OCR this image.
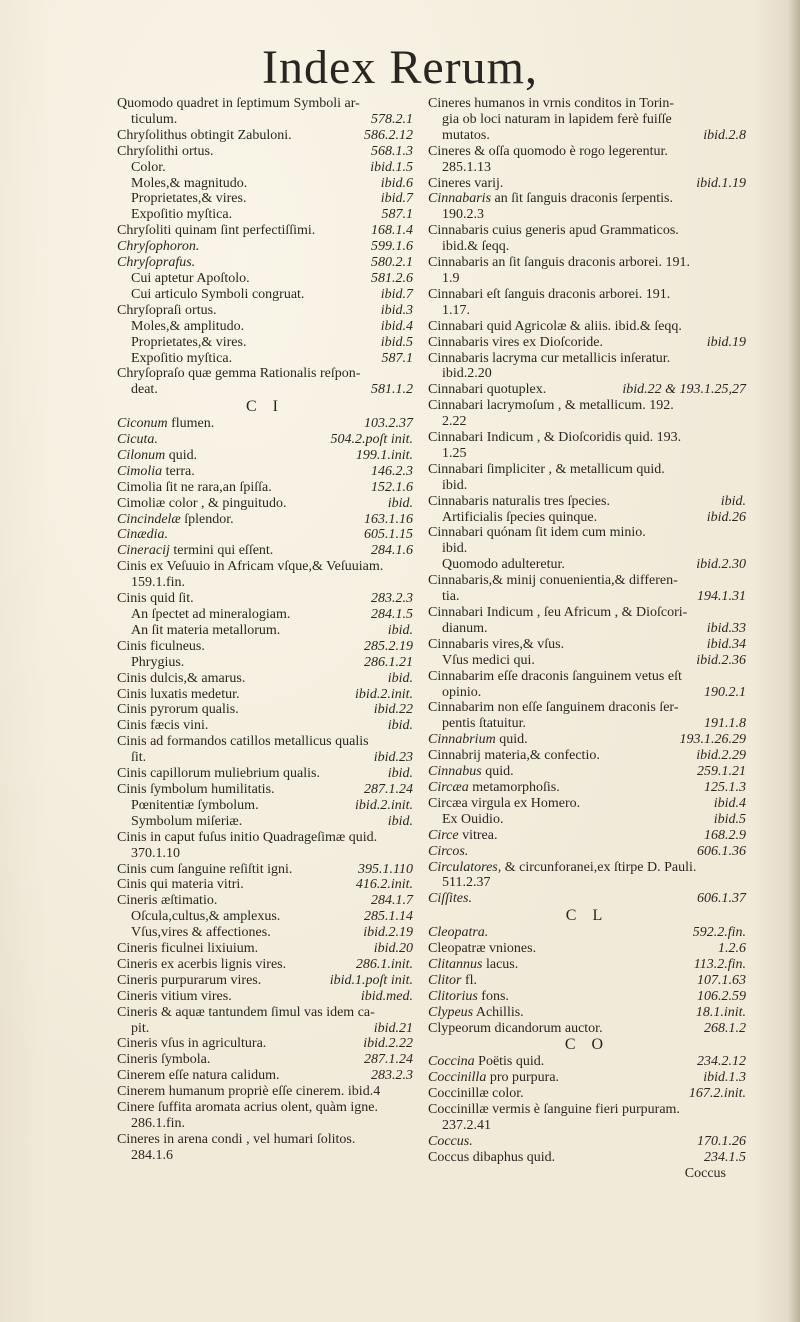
Index Rerum,
Quomodo quadret in ſeptimum Symboli ar-
578.2.1
ticulum.
586.2.12
Chryſolithus obtingit Zabuloni.
568.1.3
Chryſolithi ortus.
ibid.1.5
Color.
ibid.6
Moles,& magnitudo.
ibid.7
Proprietates,& vires.
587.1
Expoſitio myſtica.
168.1.4
Chryſoliti quinam ſint perfectiſſimi.
599.1.6
Chryſophoron.
580.2.1
Chryſoprafus.
581.2.6
Cui aptetur Apoſtolo.
ibid.7
Cui articulo Symboli congruat.
ibid.3
Chryſopraſi ortus.
ibid.4
Moles,& amplitudo.
ibid.5
Proprietates,& vires.
587.1
Expoſitio myſtica.
Chryſopraſo quæ gemma Rationalis reſpon-
581.1.2
deat.
C I
103.2.37
Ciconum flumen.
504.2.poſt init.
Cicuta.
199.1.init.
Cilonum quid.
146.2.3
Cimolia terra.
152.1.6
Cimolia ſit ne rara,an ſpiſſa.
ibid.
Cimoliæ color , & pinguitudo.
163.1.16
Cincindelæ ſplendor.
605.1.15
Cinædia.
284.1.6
Cineracij termini qui eſſent.
Cinis ex Veſuuio in Africam vſque,& Veſuuiam.
159.1.fin.
283.2.3
Cinis quid ſit.
284.1.5
An ſpectet ad mineralogiam.
ibid.
An ſit materia metallorum.
285.2.19
Cinis ficulneus.
286.1.21
Phrygius.
ibid.
Cinis dulcis,& amarus.
ibid.2.init.
Cinis luxatis medetur.
ibid.22
Cinis pyrorum qualis.
ibid.
Cinis fæcis vini.
Cinis ad formandos catillos metallicus qualis
ibid.23
ſit.
ibid.
Cinis capillorum muliebrium qualis.
287.1.24
Cinis ſymbolum humilitatis.
ibid.2.init.
Pœnitentiæ ſymbolum.
ibid.
Symbolum miſeriæ.
Cinis in caput fuſus initio Quadrageſimæ quid.
370.1.10
395.1.110
Cinis cum ſanguine reſiſtit igni.
416.2.init.
Cinis qui materia vitri.
284.1.7
Cineris æſtimatio.
285.1.14
Oſcula,cultus,& amplexus.
ibid.2.19
Vſus,vires & affectiones.
ibid.20
Cineris ficulnei lixiuium.
286.1.init.
Cineris ex acerbis lignis vires.
ibid.1.poſt init.
Cineris purpurarum vires.
ibid.med.
Cineris vitium vires.
Cineris & aquæ tantundem ſimul vas idem ca-
ibid.21
pit.
ibid.2.22
Cineris vſus in agricultura.
287.1.24
Cineris ſymbola.
283.2.3
Cinerem eſſe natura calidum.
Cinerem humanum propriè eſſe cinerem. ibid.4
Cinere ſuffita aromata acrius olent, quàm igne.
286.1.fin.
Cineres in arena condi , vel humari ſolitos.
284.1.6
Cineres humanos in vrnis conditos in Torin-
gia ob loci naturam in lapidem ferè fuiſſe
ibid.2.8
mutatos.
Cineres & oſſa quomodo è rogo legerentur.
285.1.13
ibid.1.19
Cineres varij.
Cinnabaris an ſit ſanguis draconis ſerpentis.
190.2.3
Cinnabaris cuius generis apud Grammaticos.
ibid.& ſeqq.
Cinnabaris an ſit ſanguis draconis arborei. 191.
1.9
Cinnabari eſt ſanguis draconis arborei. 191.
1.17.
Cinnabari quid Agricolæ & aliis. ibid.& ſeqq.
ibid.19
Cinnabaris vires ex Dioſcoride.
Cinnabaris lacryma cur metallicis inſeratur.
ibid.2.20
ibid.22 & 193.1.25,27
Cinnabari quotuplex.
Cinnabari lacrymoſum , & metallicum. 192.
2.22
Cinnabari Indicum , & Dioſcoridis quid. 193.
1.25
Cinnabari ſimpliciter , & metallicum quid.
ibid.
ibid.
Cinnabaris naturalis tres ſpecies.
ibid.26
Artificialis ſpecies quinque.
Cinnabari quónam ſit idem cum minio.
ibid.
ibid.2.30
Quomodo adulteretur.
Cinnabaris,& minij conuenientia,& differen-
194.1.31
tia.
Cinnabari Indicum , ſeu Africum , & Dioſcori-
ibid.33
dianum.
ibid.34
Cinnabaris vires,& vſus.
ibid.2.36
Vſus medici qui.
Cinnabarim eſſe draconis ſanguinem vetus eſt
190.2.1
opinio.
Cinnabarim non eſſe ſanguinem draconis ſer-
191.1.8
pentis ſtatuitur.
193.1.26.29
Cinnabrium quid.
ibid.2.29
Cinnabrij materia,& confectio.
259.1.21
Cinnabus quid.
125.1.3
Circæa metamorphoſis.
ibid.4
Circæa virgula ex Homero.
ibid.5
Ex Ouidio.
168.2.9
Circe vitrea.
606.1.36
Circos.
Circulatores, & circunforanei,ex ſtirpe D. Pauli.
511.2.37
606.1.37
Ciſſites.
C L
592.2.fin.
Cleopatra.
1.2.6
Cleopatræ vniones.
113.2.fin.
Clitannus lacus.
107.1.63
Clitor fl.
106.2.59
Clitorius fons.
18.1.init.
Clypeus Achillis.
268.1.2
Clypeorum dicandorum auctor.
C O
234.2.12
Coccina Poëtis quid.
ibid.1.3
Coccinilla pro purpura.
167.2.init.
Coccinillæ color.
Coccinillæ vermis è ſanguine fieri purpuram.
237.2.41
170.1.26
Coccus.
234.1.5
Coccus dibaphus quid.
Coccus
